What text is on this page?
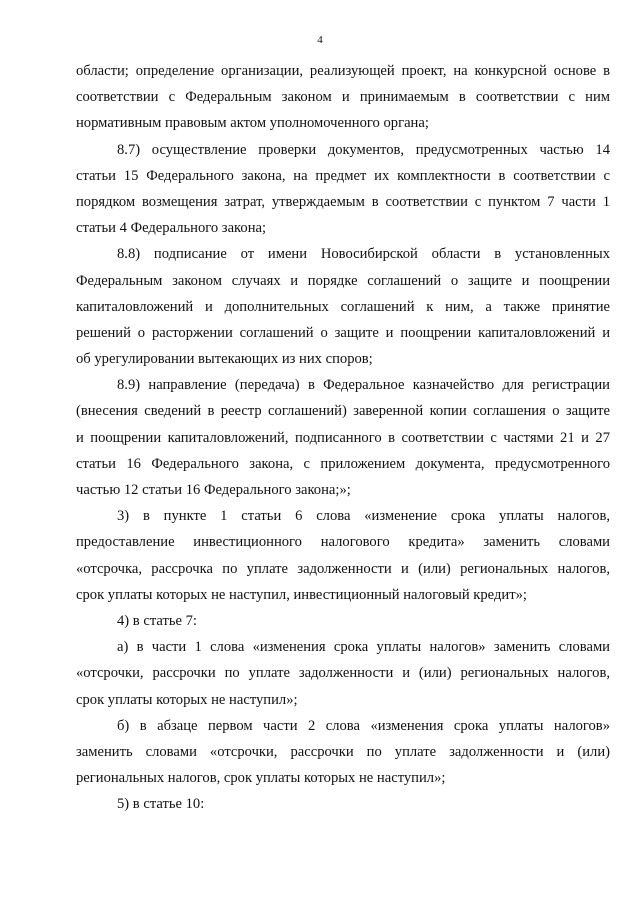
4
области; определение организации, реализующей проект, на конкурсной основе в
соответствии с Федеральным законом и принимаемым в соответствии с ним
нормативным правовым актом уполномоченного органа;
8.7) осуществление проверки документов, предусмотренных частью 14
статьи 15 Федерального закона, на предмет их комплектности в соответствии с
порядком возмещения затрат, утверждаемым в соответствии с пунктом 7 части 1
статьи 4 Федерального закона;
8.8) подписание от имени Новосибирской области в установленных
Федеральным законом случаях и порядке соглашений о защите и поощрении
капиталовложений и дополнительных соглашений к ним, а также принятие
решений о расторжении соглашений о защите и поощрении капиталовложений и
об урегулировании вытекающих из них споров;
8.9) направление (передача) в Федеральное казначейство для регистрации
(внесения сведений в реестр соглашений) заверенной копии соглашения о защите
и поощрении капиталовложений, подписанного в соответствии с частями 21 и 27
статьи 16 Федерального закона, с приложением документа, предусмотренного
частью 12 статьи 16 Федерального закона;»;
3) в пункте 1 статьи 6 слова «изменение срока уплаты налогов,
предоставление инвестиционного налогового кредита» заменить словами
«отсрочка, рассрочка по уплате задолженности и (или) региональных налогов,
срок уплаты которых не наступил, инвестиционный налоговый кредит»;
4) в статье 7:
а) в части 1 слова «изменения срока уплаты налогов» заменить словами
«отсрочки, рассрочки по уплате задолженности и (или) региональных налогов,
срок уплаты которых не наступил»;
б) в абзаце первом части 2 слова «изменения срока уплаты налогов»
заменить словами «отсрочки, рассрочки по уплате задолженности и (или)
региональных налогов, срок уплаты которых не наступил»;
5) в статье 10:
